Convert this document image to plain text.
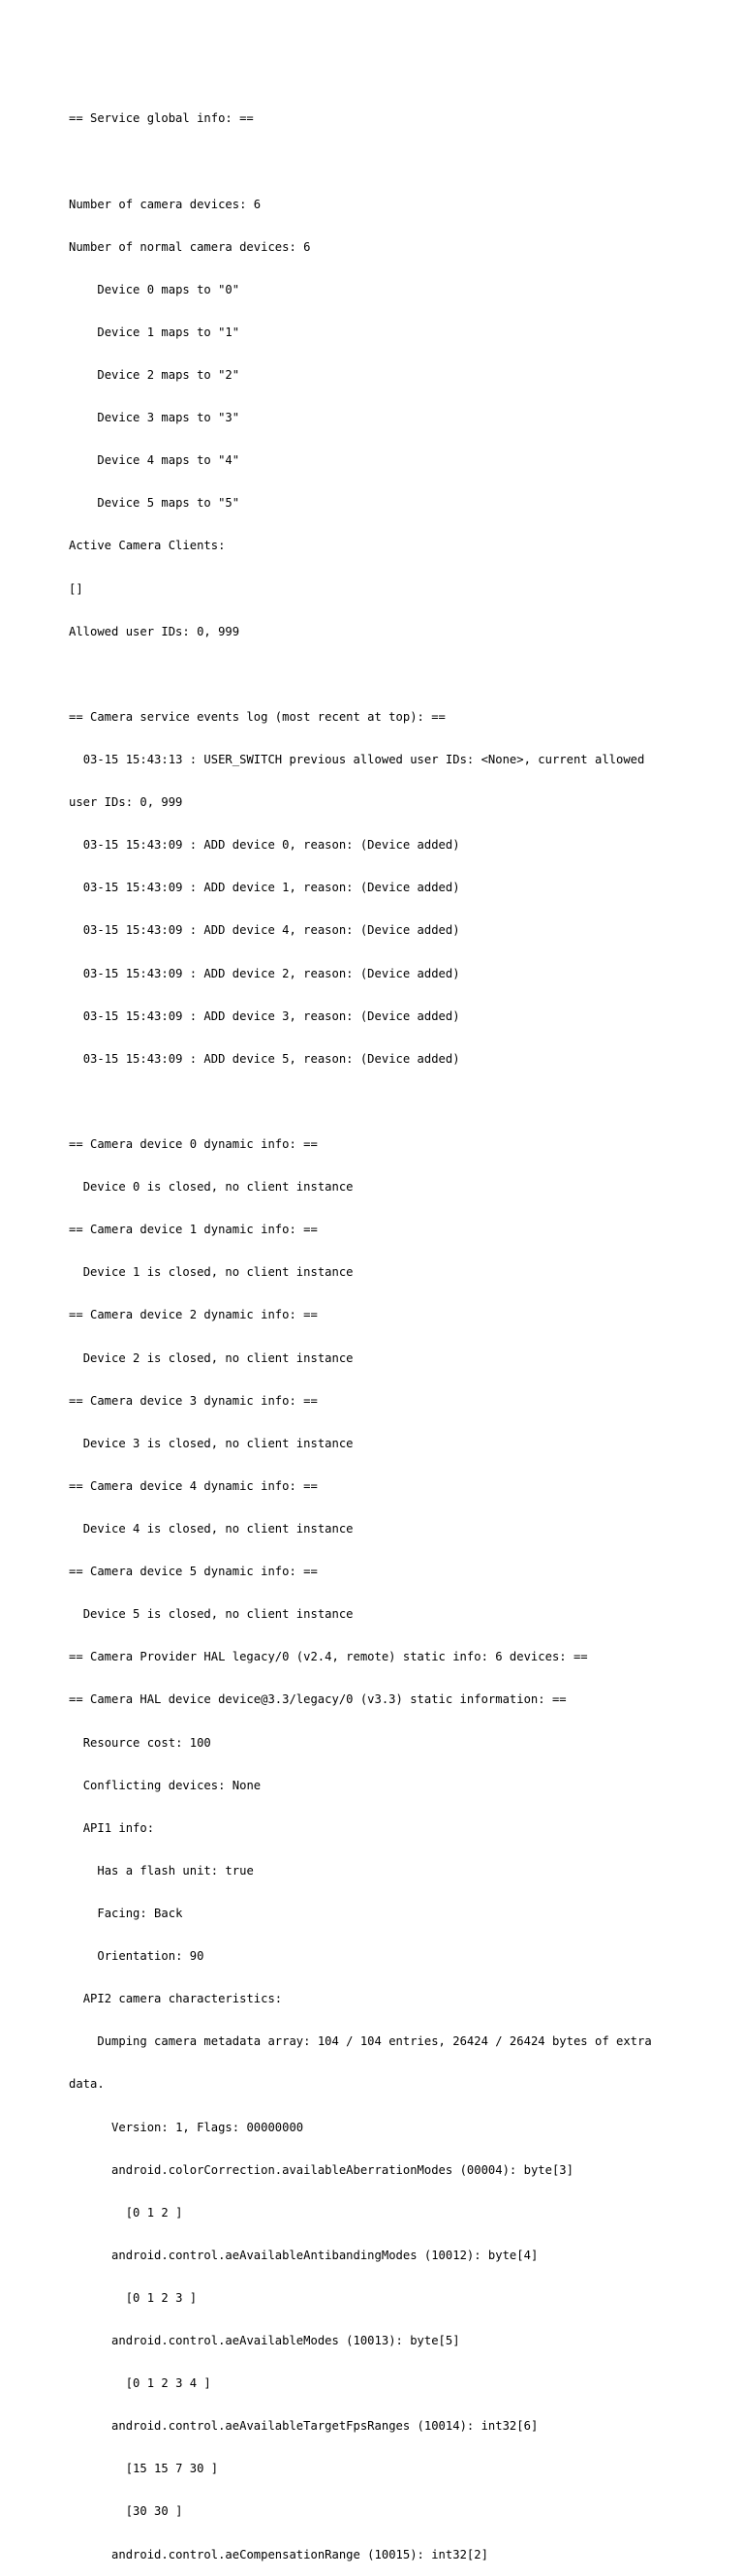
== Service global info: ==

Number of camera devices: 6

Number of normal camera devices: 6

Device 0 maps to "0"

Device 1 maps to "1"

Device 2 maps to "2"

Device 3 maps to "3"

Device 4 maps to "4"

Device 5 maps to "5"

Active Camera Clients:

[]

Allowed user IDs: 0, 999

== Camera service events log (most recent at top): ==

03-15 15:43:13 : USER_SWITCH previous allowed user IDs: <None>, current allowed

user IDs: 0, 999

03-15 15:43:09 : ADD device 0, reason: (Device added)

03-15 15:43:09 : ADD device 1, reason: (Device added)

03-15 15:43:09 : ADD device 4, reason: (Device added)

03-15 15:43:09 : ADD device 2, reason: (Device added)

03-15 15:43:09 : ADD device 3, reason: (Device added)

03-15 15:43:09 : ADD device 5, reason: (Device added)

== Camera device 0 dynamic info: ==

Device 0 is closed, no client instance

== Camera device 1 dynamic info: ==

Device 1 is closed, no client instance

== Camera device 2 dynamic info: ==

Device 2 is closed, no client instance

== Camera device 3 dynamic info: ==

Device 3 is closed, no client instance

== Camera device 4 dynamic info: ==

Device 4 is closed, no client instance

== Camera device 5 dynamic info: ==

Device 5 is closed, no client instance

== Camera Provider HAL legacy/0 (v2.4, remote) static info: 6 devices: ==

== Camera HAL device device@3.3/legacy/0 (v3.3) static information: ==

Resource cost: 100

Conflicting devices: None

API1 info:

Has a flash unit: true

Facing: Back

Orientation: 90

API2 camera characteristics:

Dumping camera metadata array: 104 / 104 entries, 26424 / 26424 bytes of extra

data.

Version: 1, Flags: 00000000

android.colorCorrection.availableAberrationModes (00004): byte[3]

[0 1 2 ]

android.control.aeAvailableAntibandingModes (10012): byte[4]

[0 1 2 3 ]

android.control.aeAvailableModes (10013): byte[5]

[0 1 2 3 4 ]

android.control.aeAvailableTargetFpsRanges (10014): int32[6]

[15 15 7 30 ]

[30 30 ]

android.control.aeCompensationRange (10015): int32[2]
